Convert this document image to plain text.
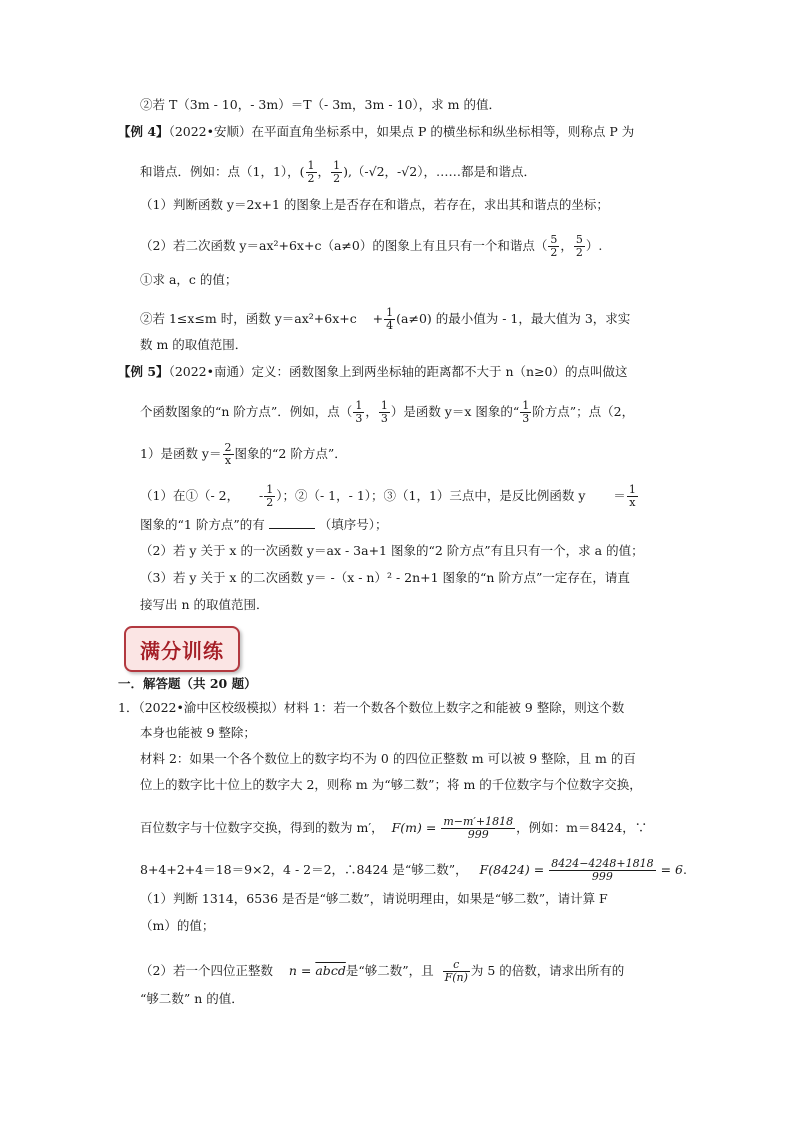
②若 T（3m - 10，- 3m）＝T（- 3m，3m - 10），求 m 的值．
【例 4】（2022•安顺）在平面直角坐标系中，如果点 P 的横坐标和纵坐标相等，则称点 P 为
和谐点．例如：点（1，1），( $\frac{1}{2}$ ， $\frac{1}{2} ),(-√2$，-√2），……都是和谐点．
（1）判断函数 y＝2x+1 的图象上是否存在和谐点，若存在，求出其和谐点的坐标；
（2）若二次函数 y＝ax²+6x+c（a≠0）的图象上有且只有一个和谐点（ $\frac{5}{2}$ ， $\frac{5}{2}$ ）.
①求 a，c 的值；
②若 1≤x≤m 时，函数 $y=ax^2+6x+c + \frac{1}{4} (a\ne 0)$ 的最小值为 - 1，最大值为 3，求实
数 m 的取值范围．
【例 5】（2022•南通）定义：函数图象上到两坐标轴的距离都不大于 n（n≥0）的点叫做这
个函数图象的“n 阶方点”．例如，点（ $\frac{1}{3}$ ， $\frac{1}{3}$ ）是函数 y＝x 图象的“ $\frac{1}{3}$ 阶方点”；点（2，
1）是函数 $y= \frac{2}{x}$ 图象的“2 阶方点”．
（1）在①（- 2， - $\frac{1}{2}$ ）；②（- 1，- 1）；③（1，1）三点中，是反比例函数 $y = \frac{1}{x}$
图象的“1 阶方点”的有	（填序号）；
（2）若 y 关于 x 的一次函数 y＝ax - 3a+1 图象的“2 阶方点”有且只有一个，求 a 的值；
（3）若 y 关于 x 的二次函数 y＝ -（x - n）² - 2n+1 图象的“n 阶方点”一定存在，请直
接写出 n 的取值范围．
满分训练
一．解答题（共 20 题）
1．（2022•渝中区校级模拟）材料 1：若一个数各个数位上数字之和能被 9 整除，则这个数
本身也能被 9 整除；
材料 2：如果一个各个数位上的数字均不为 0 的四位正整数 m 可以被 9 整除，且 m 的百
位上的数字比十位上的数字大 2，则称 m 为“够二数”；将 m 的千位数字与个位数字交换，
百位数字与十位数字交换，得到的数为 m′， $F(m) = \frac{m-m'+1818}{999}$ ，例如：m＝8424，∵
8+4+2+4＝18＝9×2，4 - 2＝2，∴8424 是“够二数”， $F(8424) = \frac{8424-4248+1818}{999} = 6$.
（1）判断 1314，6536 是否是“够二数”，请说明理由，如果是“够二数”，请计算 F
（m）的值；
（2）若一个四位正整数 n = abcd是“够二数”，且 $\frac{c}{F(n)}$ 为 5 的倍数，请求出所有的
“够二数” n 的值．
